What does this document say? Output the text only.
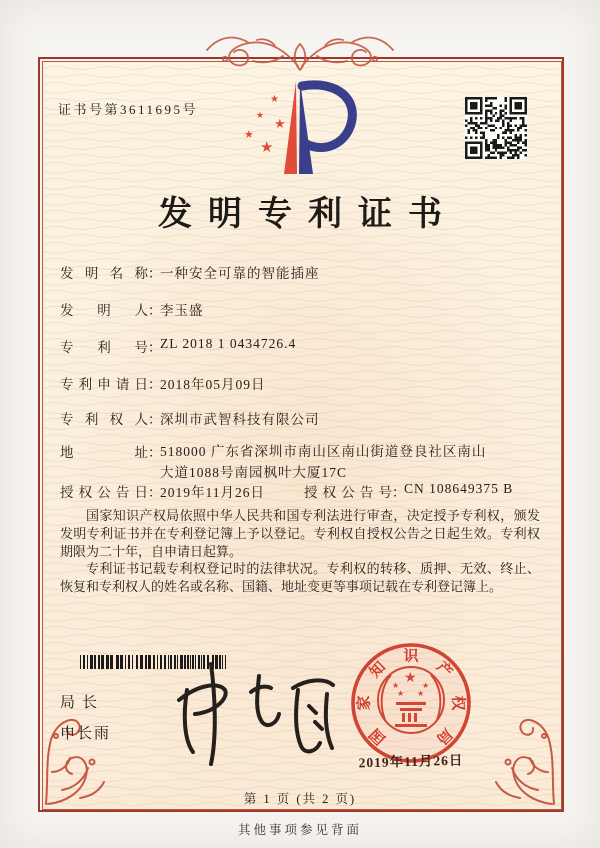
证书号第3611695号
★
★
★
★
★
发明专利证书
发明名称：一种安全可靠的智能插座
发明人：李玉盛
专利号：ZL 2018 1 0434726.4
专利申请日：2018年05月09日
专利权人：深圳市武智科技有限公司
地址：518000 广东省深圳市南山区南山街道登良社区南山大道1088号南园枫叶大厦17C
授权公告日：2019年11月26日	授权公告号：CN 108649375 B

国家知识产权局依照中华人民共和国专利法进行审查，决定授予专利权，颁发发明专利证书并在专利登记簿上予以登记。专利权自授权公告之日起生效。专利权期限为二十年，自申请日起算。

专利证书记载专利权登记时的法律状况。专利权的转移、质押、无效、终止、恢复和专利权人的姓名或名称、国籍、地址变更等事项记载在专利登记簿上。

局长
申长雨	国
家
知
识
产
权
局
★
★	★
★ ★
2019年11月26日
第 1 页 (共 2 页)
其他事项参见背面
